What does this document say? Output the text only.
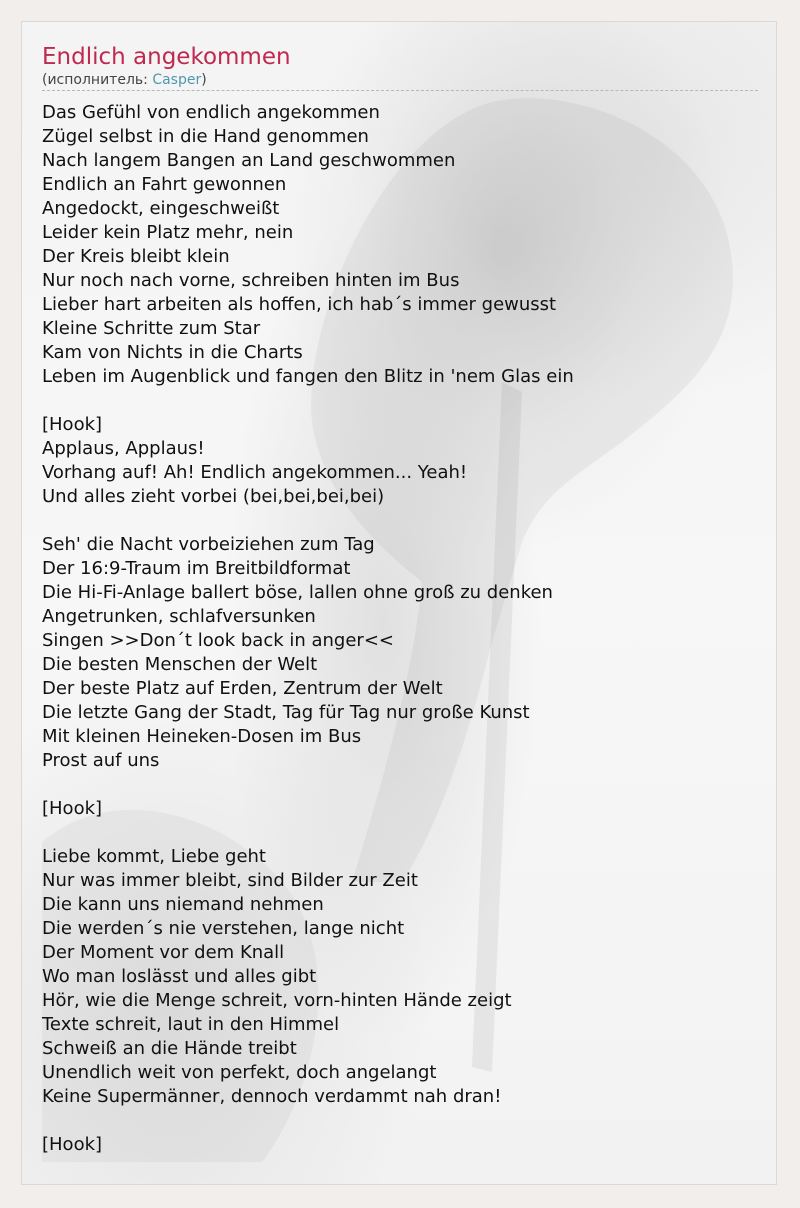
Endlich angekommen
(исполнитель: Casper)
Das Gefühl von endlich angekommen
Zügel selbst in die Hand genommen
Nach langem Bangen an Land geschwommen
Endlich an Fahrt gewonnen
Angedockt, eingeschweißt
Leider kein Platz mehr, nein
Der Kreis bleibt klein
Nur noch nach vorne, schreiben hinten im Bus
Lieber hart arbeiten als hoffen, ich hab´s immer gewusst
Kleine Schritte zum Star
Kam von Nichts in die Charts
Leben im Augenblick und fangen den Blitz in 'nem Glas ein
[Hook]
Applaus, Applaus!
Vorhang auf! Ah! Endlich angekommen... Yeah!
Und alles zieht vorbei (bei,bei,bei,bei)
Seh' die Nacht vorbeiziehen zum Tag
Der 16:9-Traum im Breitbildformat
Die Hi-Fi-Anlage ballert böse, lallen ohne groß zu denken
Angetrunken, schlafversunken
Singen >>Don´t look back in anger<<
Die besten Menschen der Welt
Der beste Platz auf Erden, Zentrum der Welt
Die letzte Gang der Stadt, Tag für Tag nur große Kunst
Mit kleinen Heineken-Dosen im Bus
Prost auf uns
[Hook]
Liebe kommt, Liebe geht
Nur was immer bleibt, sind Bilder zur Zeit
Die kann uns niemand nehmen
Die werden´s nie verstehen, lange nicht
Der Moment vor dem Knall
Wo man loslässt und alles gibt
Hör, wie die Menge schreit, vorn-hinten Hände zeigt
Texte schreit, laut in den Himmel
Schweiß an die Hände treibt
Unendlich weit von perfekt, doch angelangt
Keine Supermänner, dennoch verdammt nah dran!
[Hook]
